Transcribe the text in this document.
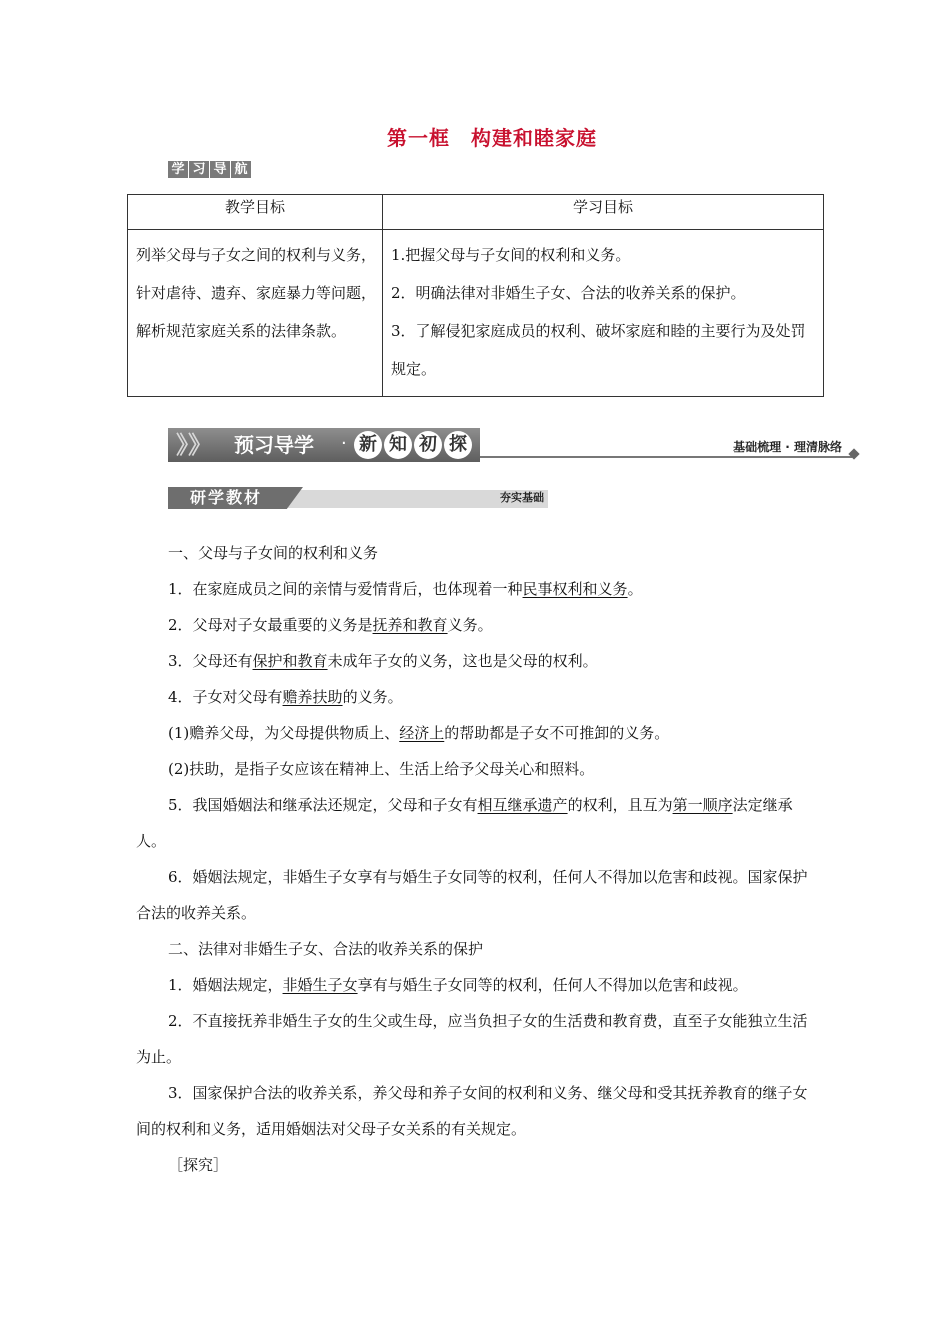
第一框　构建和睦家庭
学 习 导 航
教学目标	学习目标
列举父母与子女之间的权利与义务，针对虐待、遗弃、家庭暴力等问题，解析规范家庭关系的法律条款。	1.把握父母与子女间的权利和义务。
2．明确法律对非婚生子女、合法的收养关系的保护。
3．了解侵犯家庭成员的权利、破坏家庭和睦的主要行为及处罚规定。
》》 预习导学 · 新 知 初 探	基础梳理 · 理清脉络
研学教材	夯实基础

一、父母与子女间的权利和义务

1．在家庭成员之间的亲情与爱情背后，也体现着一种民事权利和义务。

2．父母对子女最重要的义务是抚养和教育义务。

3．父母还有保护和教育未成年子女的义务，这也是父母的权利。

4．子女对父母有赡养扶助的义务。

(1)赡养父母，为父母提供物质上、经济上的帮助都是子女不可推卸的义务。

(2)扶助，是指子女应该在精神上、生活上给予父母关心和照料。

5．我国婚姻法和继承法还规定，父母和子女有相互继承遗产的权利，且互为第一顺序法定继承人。

6．婚姻法规定，非婚生子女享有与婚生子女同等的权利，任何人不得加以危害和歧视。国家保护合法的收养关系。

二、法律对非婚生子女、合法的收养关系的保护

1．婚姻法规定，非婚生子女享有与婚生子女同等的权利，任何人不得加以危害和歧视。

2．不直接抚养非婚生子女的生父或生母，应当负担子女的生活费和教育费，直至子女能独立生活为止。

3．国家保护合法的收养关系，养父母和养子女间的权利和义务、继父母和受其抚养教育的继子女间的权利和义务，适用婚姻法对父母子女关系的有关规定。

［探究］
